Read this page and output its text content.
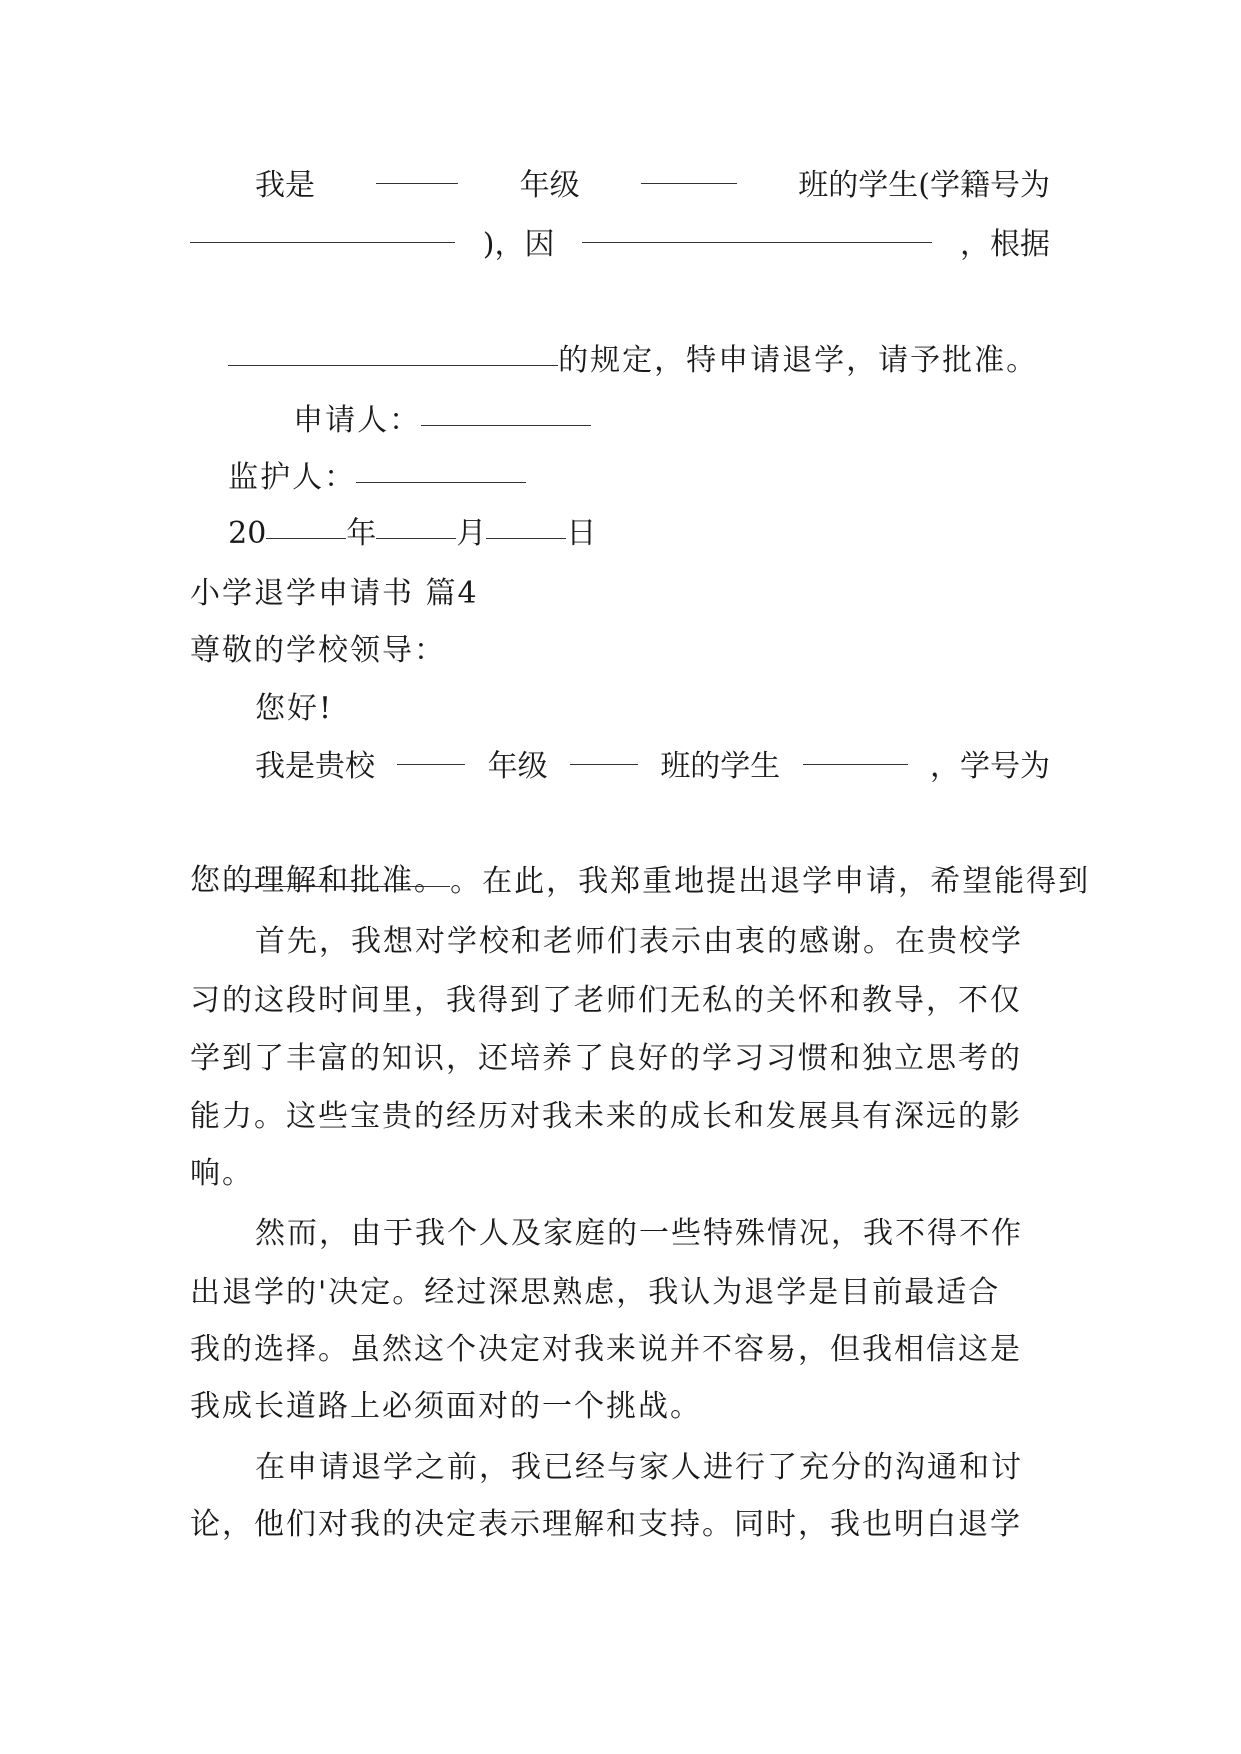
我是	年级	班的学生(学籍号为
)，因	，根据

的规定，特申请退学，请予批准。

申请人：

监护人：

20	年	月	日

小学退学申请书 篇4
尊敬的学校领导：
您好!
我是贵校	年级	班的学生	，学号为

。在此，我郑重地提出退学申请，希望能得到

您的理解和批准。
首先，我想对学校和老师们表示由衷的感谢。在贵校学
习的这段时间里，我得到了老师们无私的关怀和教导，不仅
学到了丰富的知识，还培养了良好的学习习惯和独立思考的
能力。这些宝贵的经历对我未来的成长和发展具有深远的影
响。
然而，由于我个人及家庭的一些特殊情况，我不得不作
出退学的'决定。经过深思熟虑，我认为退学是目前最适合
我的选择。虽然这个决定对我来说并不容易，但我相信这是
我成长道路上必须面对的一个挑战。
在申请退学之前，我已经与家人进行了充分的沟通和讨
论，他们对我的决定表示理解和支持。同时，我也明白退学
